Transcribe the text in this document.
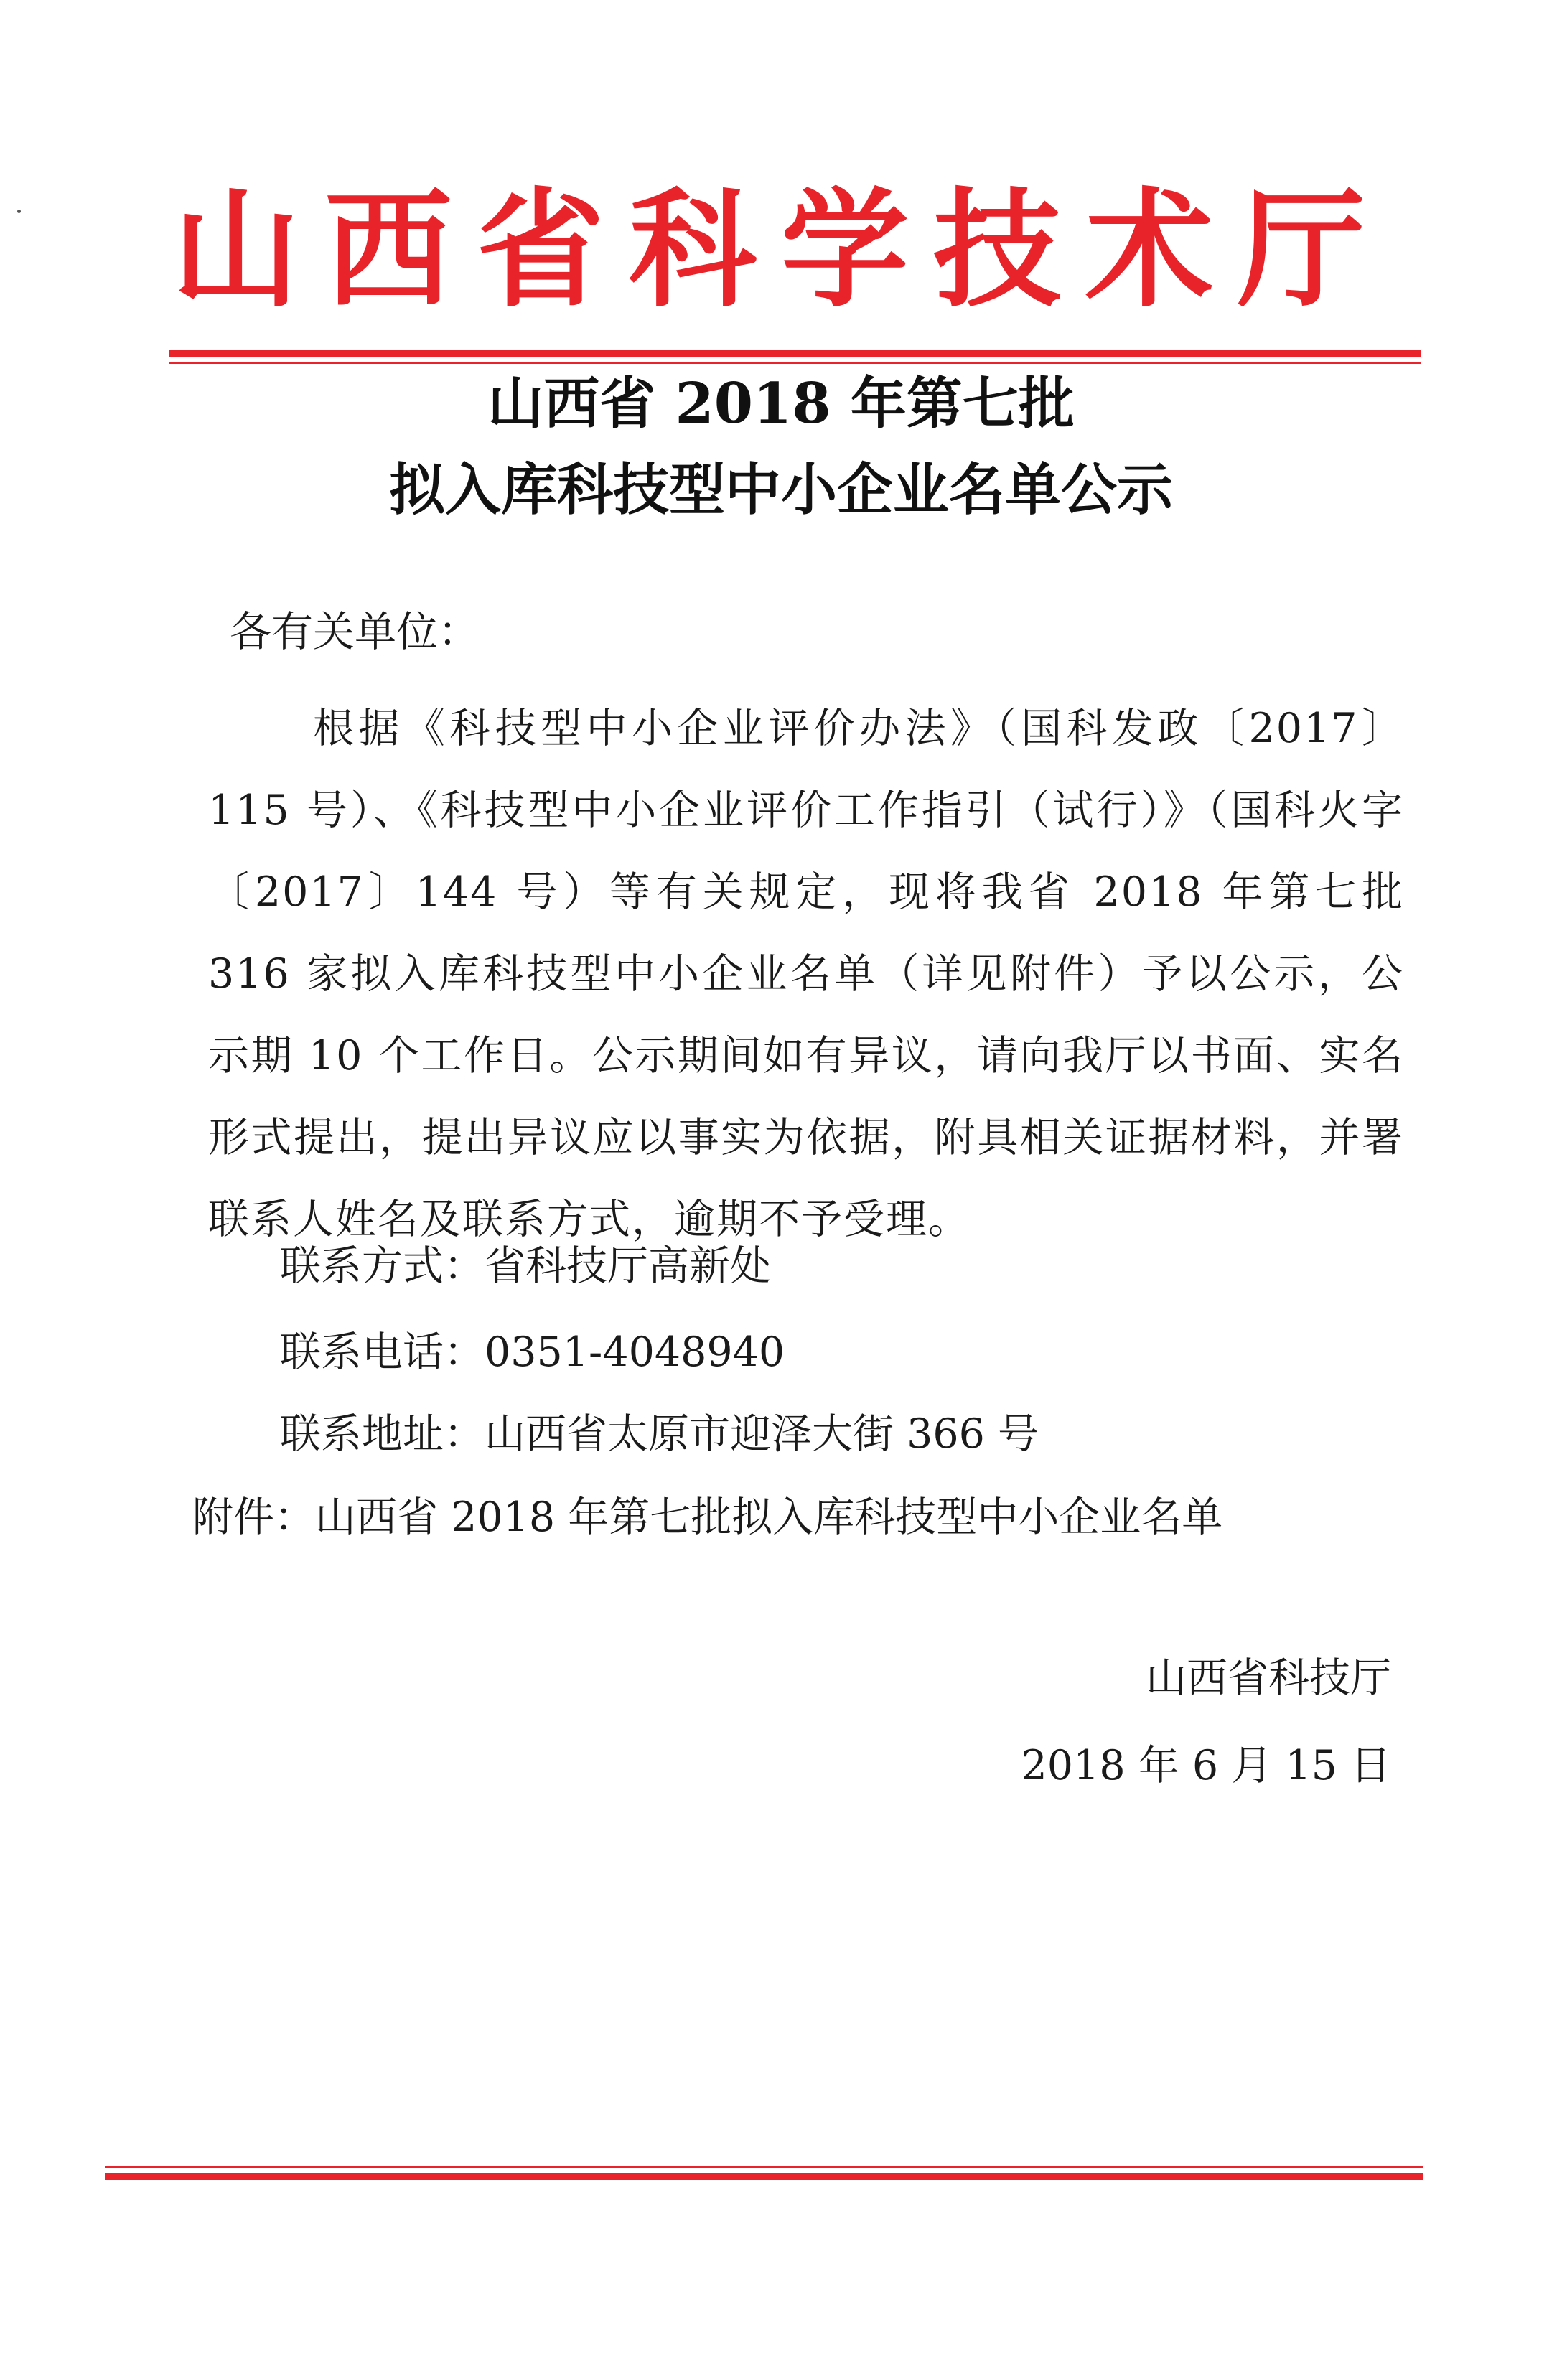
山西省科学技术厅
山西省 2018 年第七批
拟入库科技型中小企业名单公示
各有关单位：
根据《科技型中小企业评价办法》（国科发政〔2017〕115 号）、《科技型中小企业评价工作指引（试行）》（国科火字〔2017〕144 号）等有关规定，现将我省 2018 年第七批 316 家拟入库科技型中小企业名单（详见附件）予以公示，公示期 10 个工作日。公示期间如有异议，请向我厅以书面、实名形式提出，提出异议应以事实为依据，附具相关证据材料，并署联系人姓名及联系方式，逾期不予受理。
联系方式：省科技厅高新处
联系电话：0351-4048940
联系地址：山西省太原市迎泽大街 366 号
附件：山西省 2018 年第七批拟入库科技型中小企业名单
山西省科技厅
2018 年 6 月 15 日
